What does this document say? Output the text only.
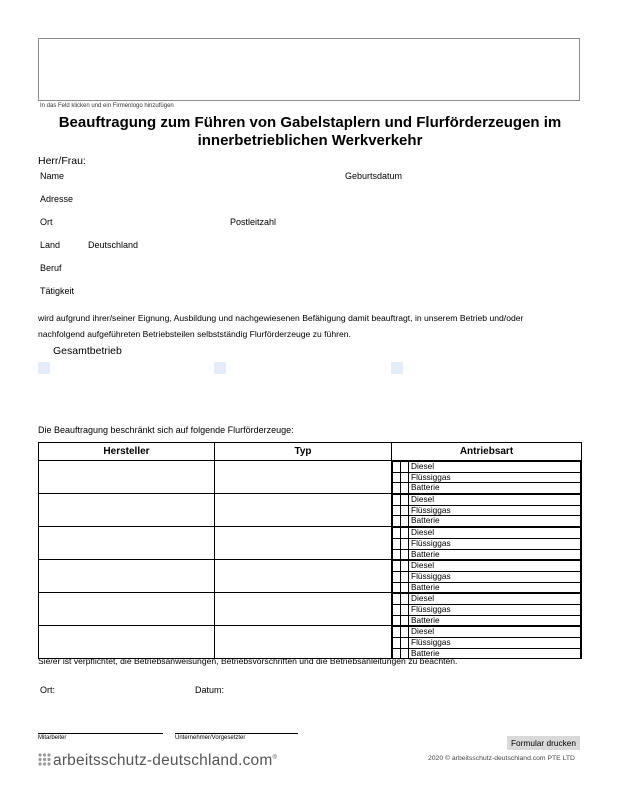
In das Feld klicken und ein Firmenlogo hinzufügen
Beauftragung zum Führen von Gabelstaplern und Flurförderzeugen im
innerbetrieblichen Werkverkehr
Herr/Frau:
Name	Geburtsdatum
Adresse
Ort	Postleitzahl
Land	Deutschland
Beruf
Tätigkeit
wird aufgrund ihrer/seiner Eignung, Ausbildung und nachgewiesenen Befähigung damit beauftragt, in unserem Betrieb und/oder
nachfolgend aufgeführeten Betriebsteilen selbstständig Flurförderzeuge zu führen.
Gesamtbetrieb
Die Beauftragung beschränkt sich auf folgende Flurförderzeuge:
Hersteller	Typ	Antriebsart

		Diesel
		Flüssiggas
		Batterie

		Diesel
		Flüssiggas
		Batterie

		Diesel
		Flüssiggas
		Batterie

		Diesel
		Flüssiggas
		Batterie

		Diesel
		Flüssiggas
		Batterie

		Diesel
		Flüssiggas
		Batterie
Sie/er ist verpflichtet, die Betriebsanweisungen, Betriebsvorschriften und die Betriebsanleitungen zu beachten.
Ort:	Datum:
Mitarbeiter	Unternehmer/Vorgesetzter	Formular drucken
arbeitsschutz-deutschland.com®	2020 © arbeitsschutz-deutschland.com PTE LTD
